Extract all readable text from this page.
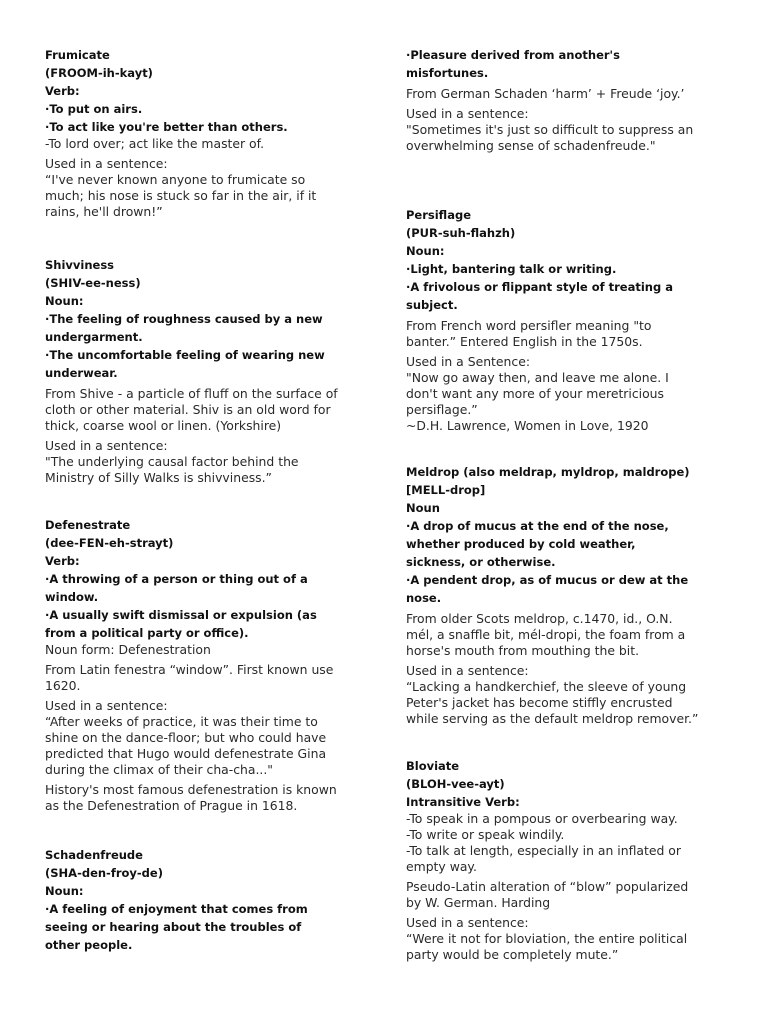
Frumicate

(FROOM-ih-kayt)

Verb:

·To put on airs.

·To act like you're better than others.

-To lord over; act like the master of.

Used in a sentence:

“I've never known anyone to frumicate so
much; his nose is stuck so far in the air, if it
rains, he'll drown!”

Shivviness

(SHIV-ee-ness)

Noun:

·The feeling of roughness caused by a new
undergarment.

·The uncomfortable feeling of wearing new
underwear.

From Shive - a particle of fluff on the surface of
cloth or other material. Shiv is an old word for
thick, coarse wool or linen. (Yorkshire)

Used in a sentence:

"The underlying causal factor behind the
Ministry of Silly Walks is shivviness.”

Defenestrate

(dee-FEN-eh-strayt)

Verb:

·A throwing of a person or thing out of a
window.

·A usually swift dismissal or expulsion (as
from a political party or office).

Noun form: Defenestration

From Latin fenestra “window”. First known use
1620.

Used in a sentence:

“After weeks of practice, it was their time to
shine on the dance-floor; but who could have
predicted that Hugo would defenestrate Gina
during the climax of their cha-cha..."

History's most famous defenestration is known
as the Defenestration of Prague in 1618.

Schadenfreude

(SHA-den-froy-de)

Noun:

·A feeling of enjoyment that comes from
seeing or hearing about the troubles of
other people.

·Pleasure derived from another's
misfortunes.

From German Schaden ‘harm’ + Freude ‘joy.’

Used in a sentence:

"Sometimes it's just so difficult to suppress an
overwhelming sense of schadenfreude."

Persiflage

(PUR-suh-flahzh)

Noun:

·Light, bantering talk or writing.

·A frivolous or flippant style of treating a
subject.

From French word persifler meaning "to
banter.” Entered English in the 1750s.

Used in a Sentence:

"Now go away then, and leave me alone. I
don't want any more of your meretricious
persiflage.”

~D.H. Lawrence, Women in Love, 1920

Meldrop (also meldrap, myldrop, maldrope)

[MELL-drop]

Noun

·A drop of mucus at the end of the nose,
whether produced by cold weather,
sickness, or otherwise.

·A pendent drop, as of mucus or dew at the
nose.

From older Scots meldrop, c.1470, id., O.N.
mél, a snaffle bit, mél-dropi, the foam from a
horse's mouth from mouthing the bit.

Used in a sentence:

“Lacking a handkerchief, the sleeve of young
Peter's jacket has become stiffly encrusted
while serving as the default meldrop remover.”

Bloviate

(BLOH-vee-ayt)

Intransitive Verb:

-To speak in a pompous or overbearing way.

-To write or speak windily.

-To talk at length, especially in an inflated or
empty way.

Pseudo-Latin alteration of “blow” popularized
by W. German. Harding

Used in a sentence:

“Were it not for bloviation, the entire political
party would be completely mute.”
